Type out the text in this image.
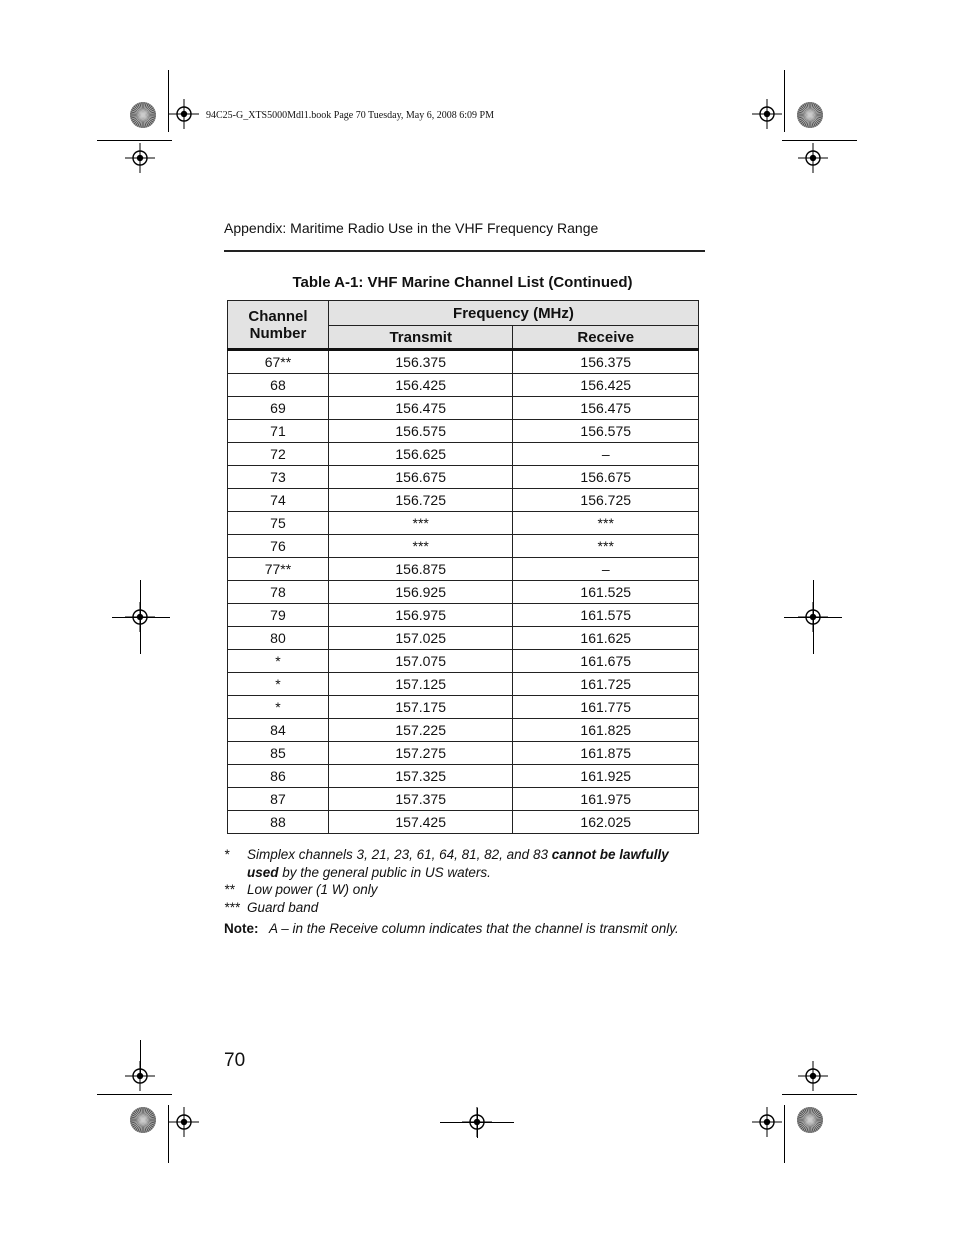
94C25-G_XTS5000Mdl1.book Page 70 Tuesday, May 6, 2008 6:09 PM
Appendix: Maritime Radio Use in the VHF Frequency Range
Table A-1: VHF Marine Channel List (Continued)
Channel Number	Frequency (MHz)	
	Transmit	Receive
67**	156.375	156.375
68	156.425	156.425
69	156.475	156.475
71	156.575	156.575
72	156.625	–
73	156.675	156.675
74	156.725	156.725
75	***	***
76	***	***
77**	156.875	–
78	156.925	161.525
79	156.975	161.575
80	157.025	161.625
*	157.075	161.675
*	157.125	161.725
*	157.175	161.775
84	157.225	161.825
85	157.275	161.875
86	157.325	161.925
87	157.375	161.975
88	157.425	162.025
*	Simplex channels 3, 21, 23, 61, 64, 81, 82, and 83 cannot be lawfully used by the general public in US waters.
** Low power (1 W) only
*** Guard band
Note: A – in the Receive column indicates that the channel is transmit only.
70
